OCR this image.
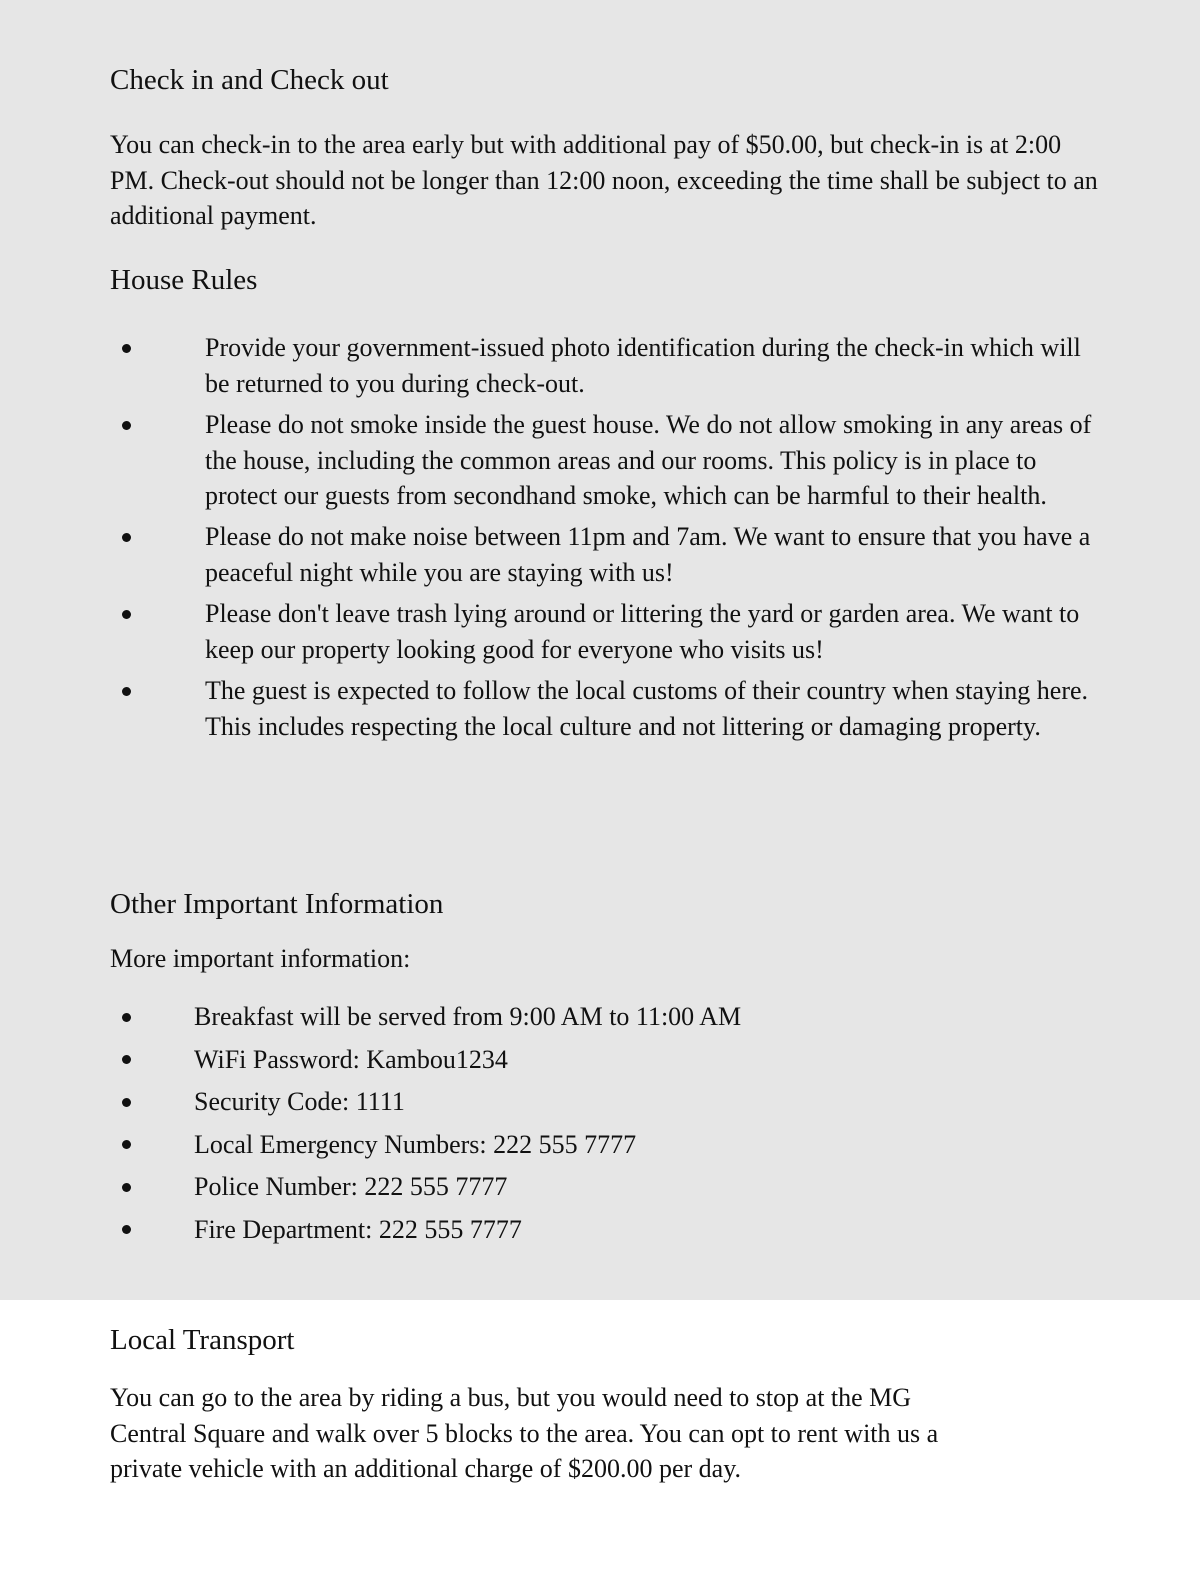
Check in and Check out

You can check-in to the area early but with additional pay of $50.00, but check-in is at 2:00 PM. Check-out should not be longer than 12:00 noon, exceeding the time shall be subject to an additional payment.

House Rules
Provide your government-issued photo identification during the check-in which will be returned to you during check-out.
Please do not smoke inside the guest house. We do not allow smoking in any areas of the house, including the common areas and our rooms. This policy is in place to protect our guests from secondhand smoke, which can be harmful to their health.
Please do not make noise between 11pm and 7am. We want to ensure that you have a peaceful night while you are staying with us!
Please don't leave trash lying around or littering the yard or garden area. We want to keep our property looking good for everyone who visits us!
The guest is expected to follow the local customs of their country when staying here. This includes respecting the local culture and not littering or damaging property.
Other Important Information

More important information:

Breakfast will be served from 9:00 AM to 11:00 AM
WiFi Password: Kambou1234
Security Code: 1111
Local Emergency Numbers: 222 555 7777
Police Number: 222 555 7777
Fire Department: 222 555 7777
Local Transport

You can go to the area by riding a bus, but you would need to stop at the MG Central Square and walk over 5 blocks to the area. You can opt to rent with us a private vehicle with an additional charge of $200.00 per day.
